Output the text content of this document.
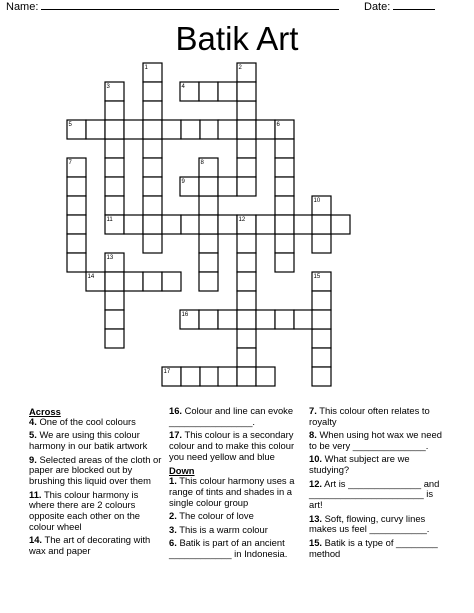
Name:	Date:
Batik Art
1	2
3	4
5	6
7	8
9
10
11	12
13
14	15
16
17
Across

4. One of the cool colours

5. We are using this colour harmony in our batik artwork

9. Selected areas of the cloth or paper are blocked out by brushing this liquid over them

11. This colour harmony is where there are 2 colours opposite each other on the colour wheel

14. The art of decorating with wax and paper

16. Colour and line can evoke ________________.

17. This colour is a secondary colour and to make this colour you need yellow and blue

Down

1. This colour harmony uses a range of tints and shades in a single colour group

2. The colour of love

3. This is a warm colour

6. Batik is part of an ancient ____________ in Indonesia.

7. This colour often relates to royalty

8. When using hot wax we need to be very ______________.

10. What subject are we studying?

12. Art is ______________ and ______________________ is art!

13. Soft, flowing, curvy lines makes us feel ___________.

15. Batik is a type of ________ method
